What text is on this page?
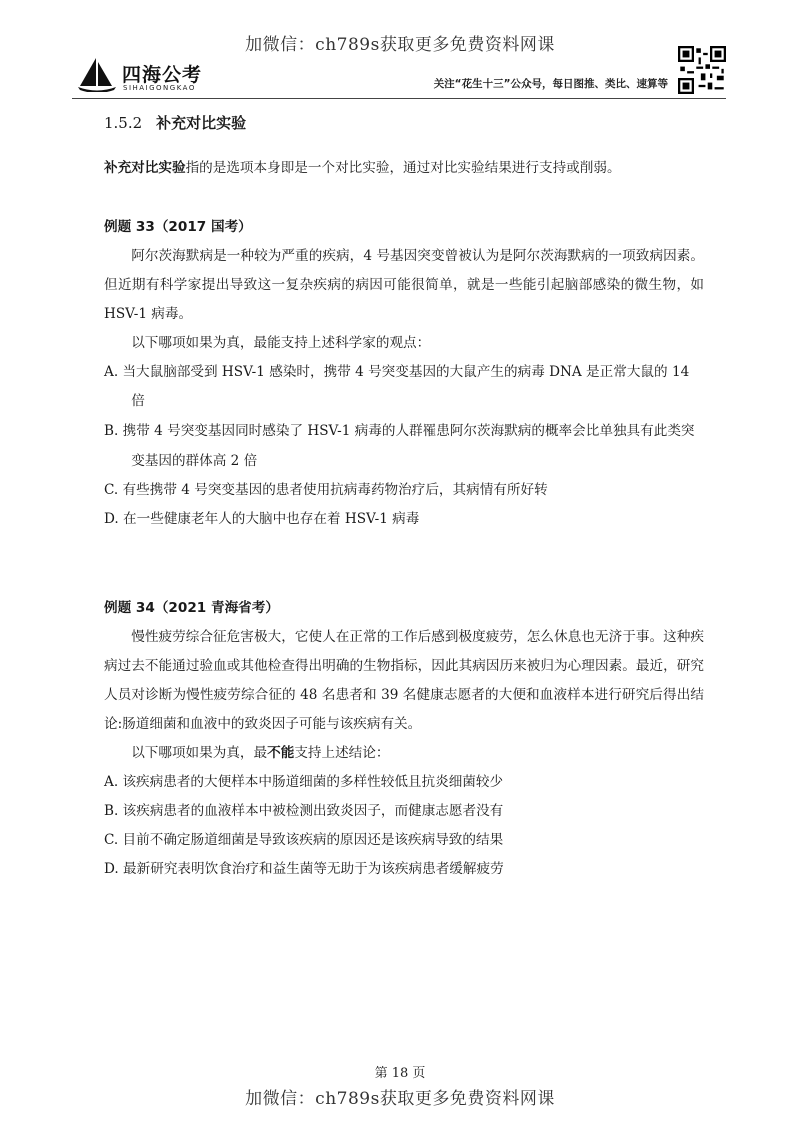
加微信：ch789s获取更多免费资料网课
四海公考
SIHAIGONGKAO	关注“花生十三”公众号，每日图推、类比、速算等
1.5.2 补充对比实验

补充对比实验指的是选项本身即是一个对比实验，通过对比实验结果进行支持或削弱。

例题 33（2017 国考）

阿尔茨海默病是一种较为严重的疾病，4 号基因突变曾被认为是阿尔茨海默病的一项致病因素。但近期有科学家提出导致这一复杂疾病的病因可能很简单，就是一些能引起脑部感染的微生物，如 HSV-1 病毒。

以下哪项如果为真，最能支持上述科学家的观点：

A. 当大鼠脑部受到 HSV-1 感染时，携带 4 号突变基因的大鼠产生的病毒 DNA 是正常大鼠的 14 倍

B. 携带 4 号突变基因同时感染了 HSV-1 病毒的人群罹患阿尔茨海默病的概率会比单独具有此类突变基因的群体高 2 倍

C. 有些携带 4 号突变基因的患者使用抗病毒药物治疗后，其病情有所好转

D. 在一些健康老年人的大脑中也存在着 HSV-1 病毒

例题 34（2021 青海省考）

慢性疲劳综合征危害极大，它使人在正常的工作后感到极度疲劳，怎么休息也无济于事。这种疾病过去不能通过验血或其他检查得出明确的生物指标，因此其病因历来被归为心理因素。最近，研究人员对诊断为慢性疲劳综合征的 48 名患者和 39 名健康志愿者的大便和血液样本进行研究后得出结论:肠道细菌和血液中的致炎因子可能与该疾病有关。

以下哪项如果为真，最不能支持上述结论：

A. 该疾病患者的大便样本中肠道细菌的多样性较低且抗炎细菌较少

B. 该疾病患者的血液样本中被检测出致炎因子，而健康志愿者没有

C. 目前不确定肠道细菌是导致该疾病的原因还是该疾病导致的结果

D. 最新研究表明饮食治疗和益生菌等无助于为该疾病患者缓解疲劳

第 18 页
加微信：ch789s获取更多免费资料网课
